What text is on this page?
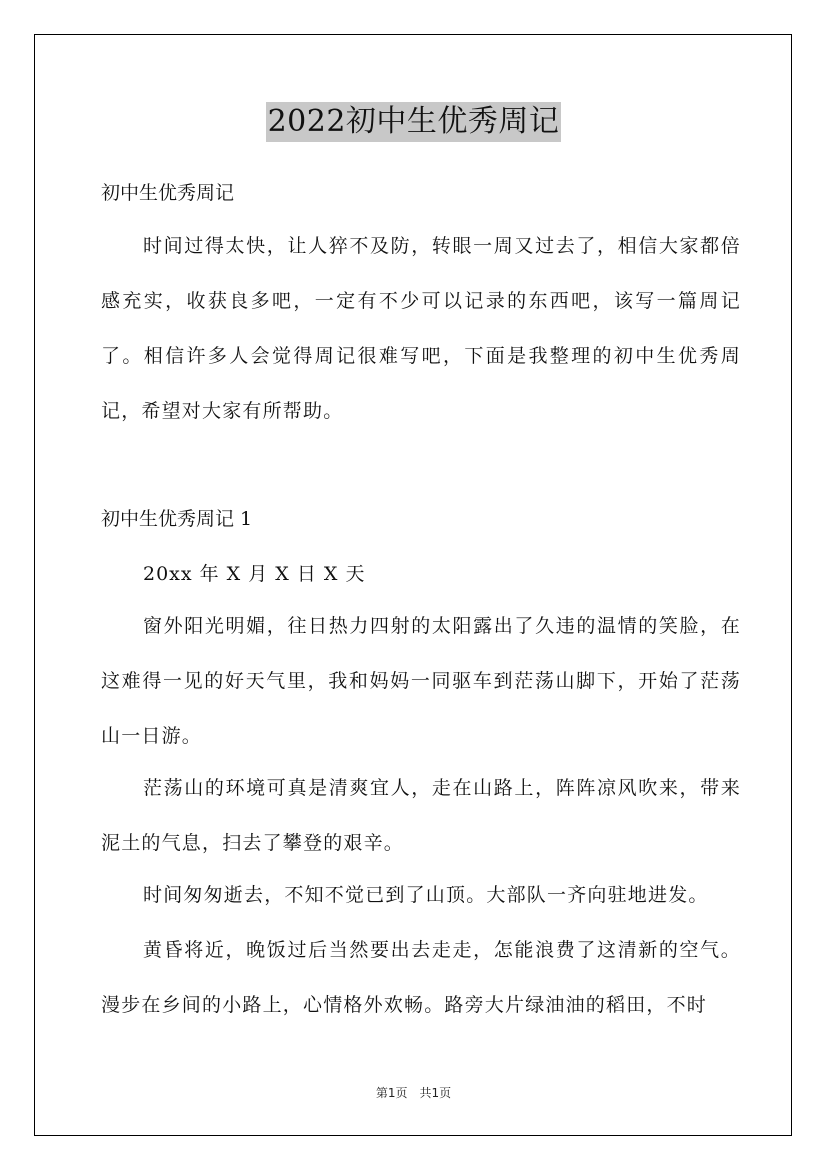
2022初中生优秀周记
初中生优秀周记

时间过得太快，让人猝不及防，转眼一周又过去了，相信大家都倍感充实，收获良多吧，一定有不少可以记录的东西吧，该写一篇周记了。相信许多人会觉得周记很难写吧，下面是我整理的初中生优秀周记，希望对大家有所帮助。

初中生优秀周记 1
20xx 年 X 月 X 日 X 天

窗外阳光明媚，往日热力四射的太阳露出了久违的温情的笑脸，在这难得一见的好天气里，我和妈妈一同驱车到茫荡山脚下，开始了茫荡山一日游。

茫荡山的环境可真是清爽宜人，走在山路上，阵阵凉风吹来，带来泥土的气息，扫去了攀登的艰辛。

时间匆匆逝去，不知不觉已到了山顶。大部队一齐向驻地进发。

黄昏将近，晚饭过后当然要出去走走，怎能浪费了这清新的空气。漫步在乡间的小路上，心情格外欢畅。路旁大片绿油油的稻田，不时

第1页　共1页
